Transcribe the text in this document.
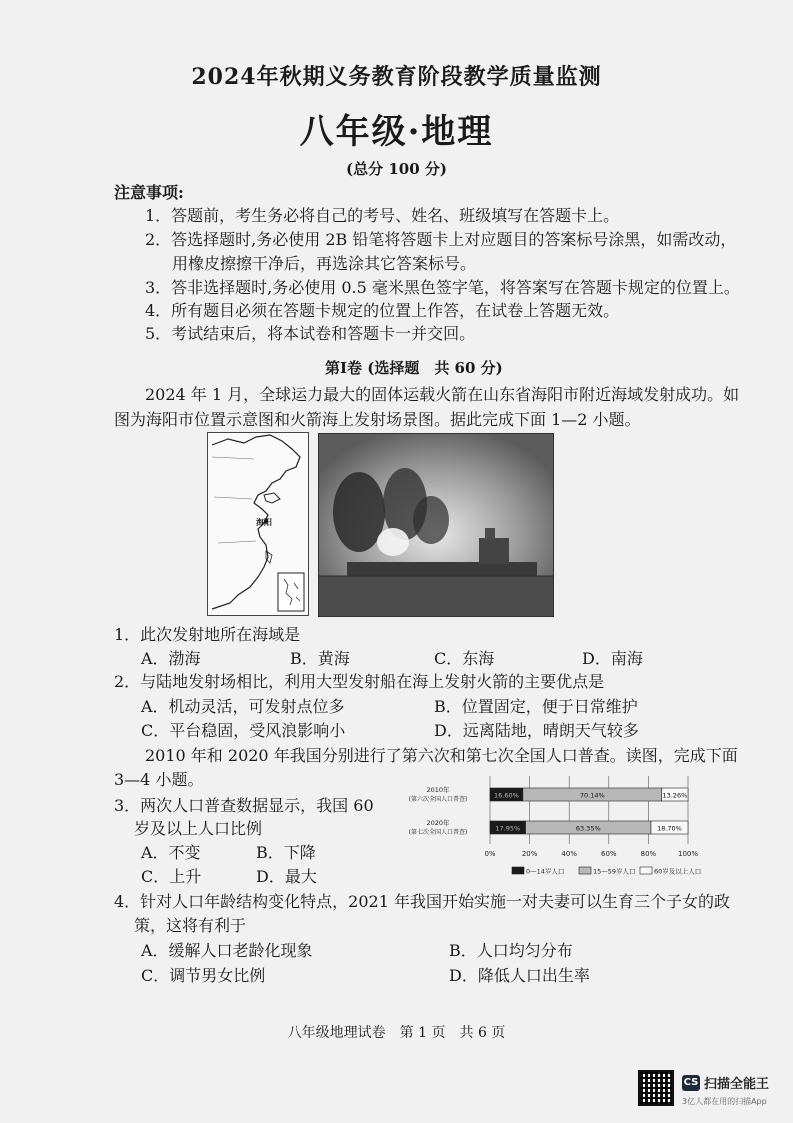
2024年秋期义务教育阶段教学质量监测
八年级·地理
(总分 100 分)
注意事项:
1．答题前，考生务必将自己的考号、姓名、班级填写在答题卡上。
2．答选择题时,务必使用 2B 铅笔将答题卡上对应题目的答案标号涂黑，如需改动，
用橡皮擦擦干净后，再选涂其它答案标号。
3．答非选择题时,务必使用 0.5 毫米黑色签字笔，将答案写在答题卡规定的位置上。
4．所有题目必须在答题卡规定的位置上作答，在试卷上答题无效。
5．考试结束后，将本试卷和答题卡一并交回。
第Ⅰ卷 (选择题　共 60 分)
2024 年 1 月，全球运力最大的固体运载火箭在山东省海阳市附近海域发射成功。如
图为海阳市位置示意图和火箭海上发射场景图。据此完成下面 1—2 小题。
海阳
1．此次发射地所在海域是
A．渤海	B．黄海	C．东海	D．南海
2．与陆地发射场相比，利用大型发射船在海上发射火箭的主要优点是
A．机动灵活，可发射点位多	B．位置固定，便于日常维护
C．平台稳固，受风浪影响小	D．远离陆地，晴朗天气较多
2010 年和 2020 年我国分别进行了第六次和第七次全国人口普查。读图，完成下面
3—4 小题。
3．两次人口普查数据显示，我国 60
岁及以上人口比例
A．不变	B．下降
C．上升	D．最大
0%	20%	40%	60%	80%	100%
2010年
(第六次全国人口普查)
2020年
(第七次全国人口普查)
16.60%	70.14%	13.26%
17.95%	63.35%	18.70%
0—14岁人口	15—59岁人口	60岁及以上人口
4．针对人口年龄结构变化特点，2021 年我国开始实施一对夫妻可以生育三个子女的政
策，这将有利于
A．缓解人口老龄化现象	B．人口均匀分布
C．调节男女比例	D．降低人口出生率
八年级地理试卷　第 1 页　共 6 页
CS 扫描全能王
3亿人都在用的扫描App
